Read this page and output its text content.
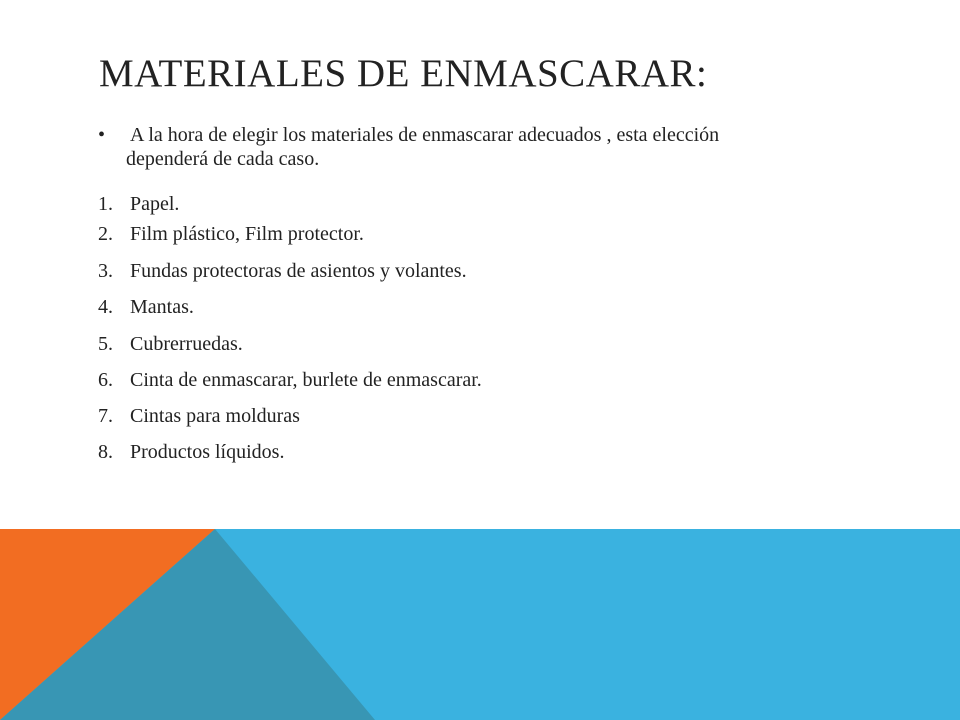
MATERIALES DE ENMASCARAR:
• A la hora de elegir los materiales de enmascarar adecuados , esta elección
dependerá de cada caso.
1. Papel.
2. Film plástico, Film protector.
3. Fundas protectoras de asientos y volantes.
4. Mantas.
5. Cubrerruedas.
6. Cinta de enmascarar, burlete de enmascarar.
7. Cintas para molduras
8. Productos líquidos.
